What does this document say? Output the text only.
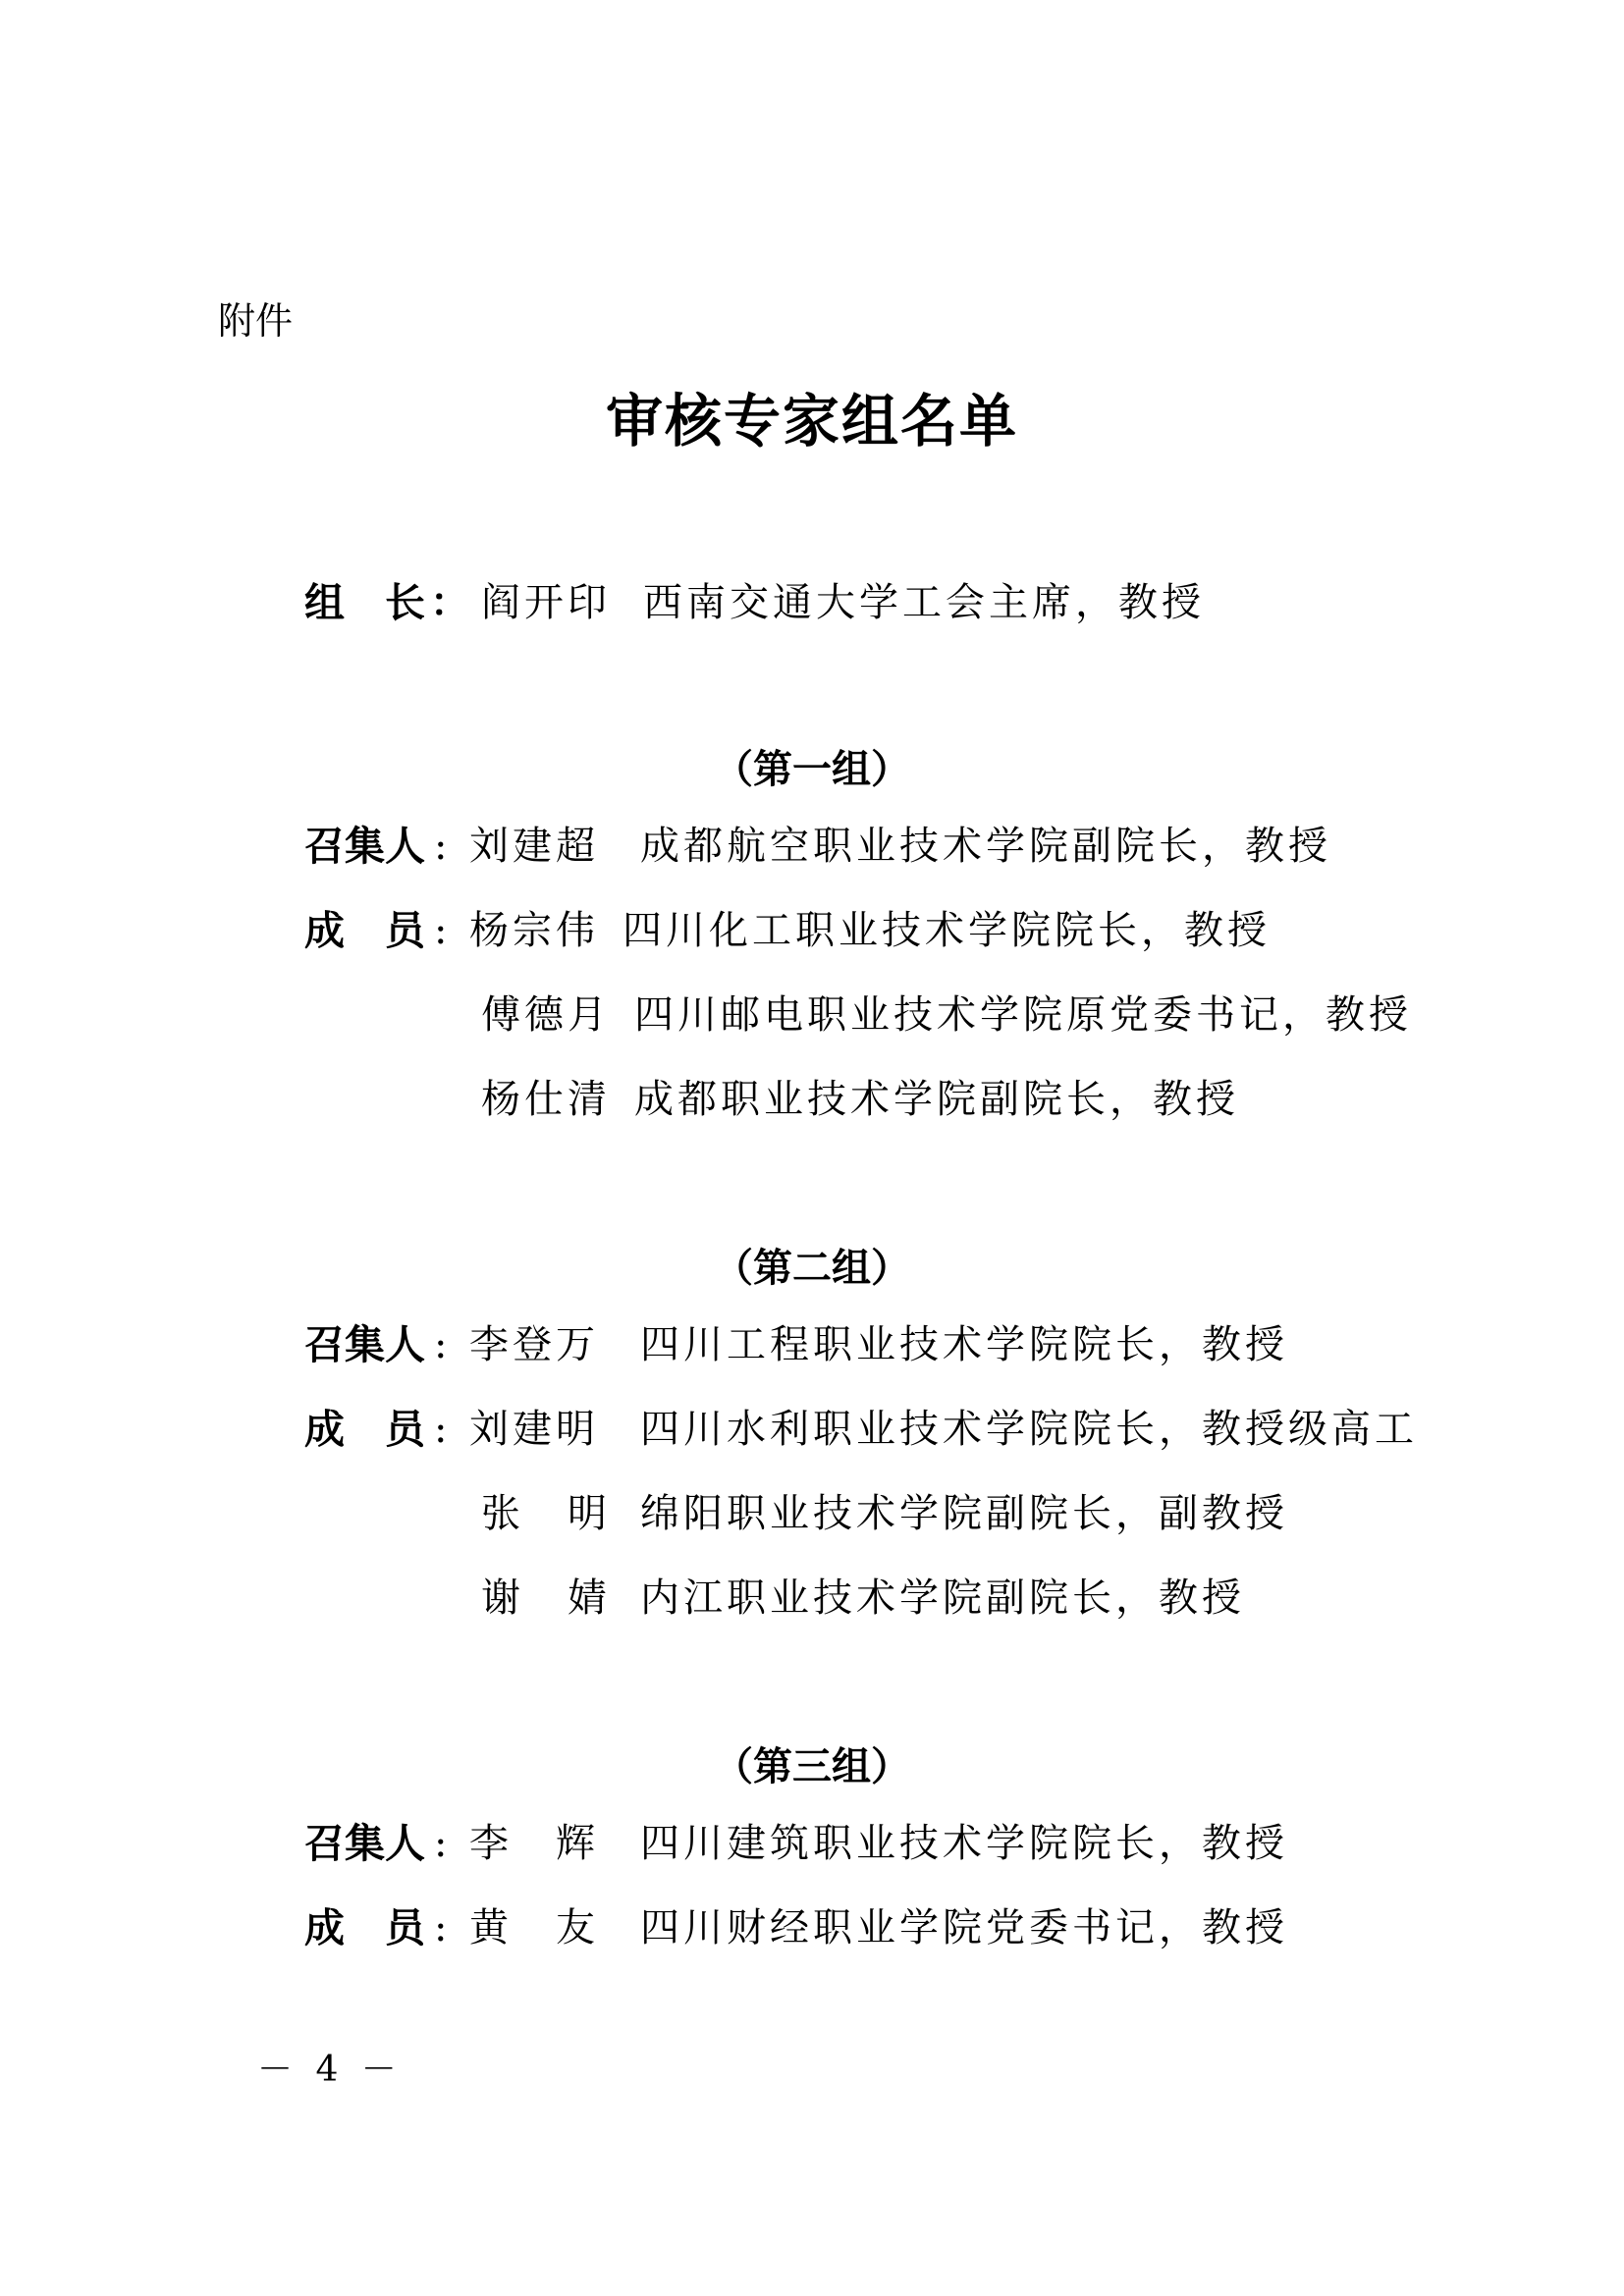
附件
审核专家组名单
组　长 ： 阎开印 西南交通大学工会主席，教授
（第一组）
召集人 : 刘建超 成都航空职业技术学院副院长，教授
成　员 : 杨宗伟 四川化工职业技术学院院长，教授
傅德月 四川邮电职业技术学院原党委书记，教授
杨仕清 成都职业技术学院副院长，教授
（第二组）
召集人 : 李登万 四川工程职业技术学院院长，教授
成　员 : 刘建明 四川水利职业技术学院院长，教授级高工
张　明 绵阳职业技术学院副院长，副教授
谢　婧 内江职业技术学院副院长，教授
（第三组）
召集人 : 李　辉 四川建筑职业技术学院院长，教授
成　员 : 黄　友 四川财经职业学院党委书记，教授
－ 4 －
